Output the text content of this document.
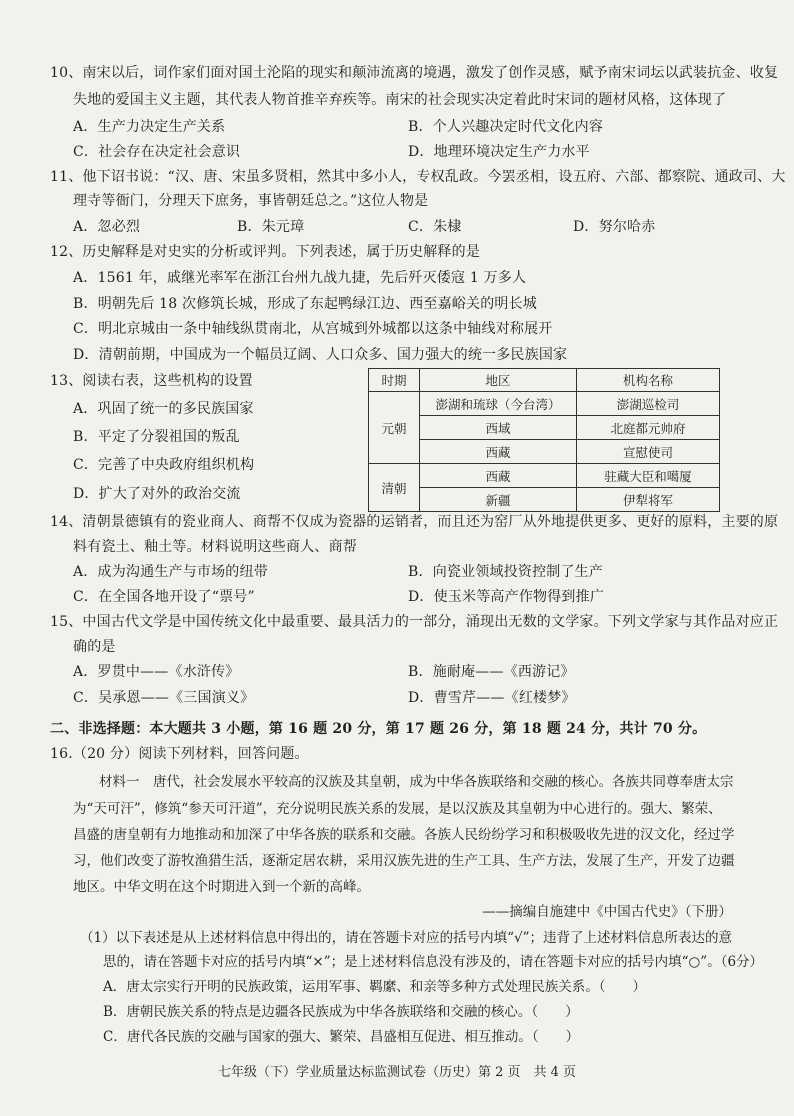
10、南宋以后，词作家们面对国土沦陷的现实和颠沛流离的境遇，激发了创作灵感，赋予南宋词坛以武装抗金、收复
失地的爱国主义主题，其代表人物首推辛弃疾等。南宋的社会现实决定着此时宋词的题材风格，这体现了
A．生产力决定生产关系	B．个人兴趣决定时代文化内容
C．社会存在决定社会意识	D．地理环境决定生产力水平
11、他下诏书说：“汉、唐、宋虽多贤相，然其中多小人，专权乱政。今罢丞相，设五府、六部、都察院、通政司、大
理寺等衙门，分理天下庶务，事皆朝廷总之。”这位人物是
A．忽必烈	B．朱元璋	C．朱棣	D．努尔哈赤
12、历史解释是对史实的分析或评判。下列表述，属于历史解释的是
A．1561 年，戚继光率军在浙江台州九战九捷，先后歼灭倭寇 1 万多人
B．明朝先后 18 次修筑长城，形成了东起鸭绿江边、西至嘉峪关的明长城
C．明北京城由一条中轴线纵贯南北，从宫城到外城都以这条中轴线对称展开
D．清朝前期，中国成为一个幅员辽阔、人口众多、国力强大的统一多民族国家
13、阅读右表，这些机构的设置
A．巩固了统一的多民族国家
B．平定了分裂祖国的叛乱
C．完善了中央政府组织机构
D．扩大了对外的政治交流
时期	地区	机构名称
元朝	澎湖和琉球（今台湾）	澎湖巡检司
	西域	北庭都元帅府
	西藏	宣慰使司
清朝	西藏	驻藏大臣和噶厦
	新疆	伊犁将军
14、清朝景德镇有的瓷业商人、商帮不仅成为瓷器的运销者，而且还为窑厂从外地提供更多、更好的原料，主要的原
料有瓷土、釉土等。材料说明这些商人、商帮
A．成为沟通生产与市场的纽带	B．向瓷业领域投资控制了生产
C．在全国各地开设了“票号”	D．使玉米等高产作物得到推广
15、中国古代文学是中国传统文化中最重要、最具活力的一部分，涌现出无数的文学家。下列文学家与其作品对应正
确的是
A．罗贯中——《水浒传》	B．施耐庵——《西游记》
C．吴承恩——《三国演义》	D．曹雪芹——《红楼梦》
二、非选择题：本大题共 3 小题，第 16 题 20 分，第 17 题 26 分，第 18 题 24 分，共计 70 分。
16.（20 分）阅读下列材料，回答问题。
材料一　唐代，社会发展水平较高的汉族及其皇朝，成为中华各族联络和交融的核心。各族共同尊奉唐太宗
为“天可汗”，修筑“参天可汗道”，充分说明民族关系的发展，是以汉族及其皇朝为中心进行的。强大、繁荣、
昌盛的唐皇朝有力地推动和加深了中华各族的联系和交融。各族人民纷纷学习和积极吸收先进的汉文化，经过学
习，他们改变了游牧渔猎生活，逐渐定居农耕，采用汉族先进的生产工具、生产方法，发展了生产，开发了边疆
地区。中华文明在这个时期进入到一个新的高峰。
——摘编自施建中《中国古代史》（下册）
（1）以下表述是从上述材料信息中得出的，请在答题卡对应的括号内填“√”；违背了上述材料信息所表达的意
思的，请在答题卡对应的括号内填“×”；是上述材料信息没有涉及的，请在答题卡对应的括号内填“○”。（6分）
A．唐太宗实行开明的民族政策，运用军事、羁縻、和亲等多种方式处理民族关系。（　　）
B．唐朝民族关系的特点是边疆各民族成为中华各族联络和交融的核心。（　　）
C．唐代各民族的交融与国家的强大、繁荣、昌盛相互促进、相互推动。（　　）
七年级（下）学业质量达标监测试卷（历史）第 2 页　共 4 页
